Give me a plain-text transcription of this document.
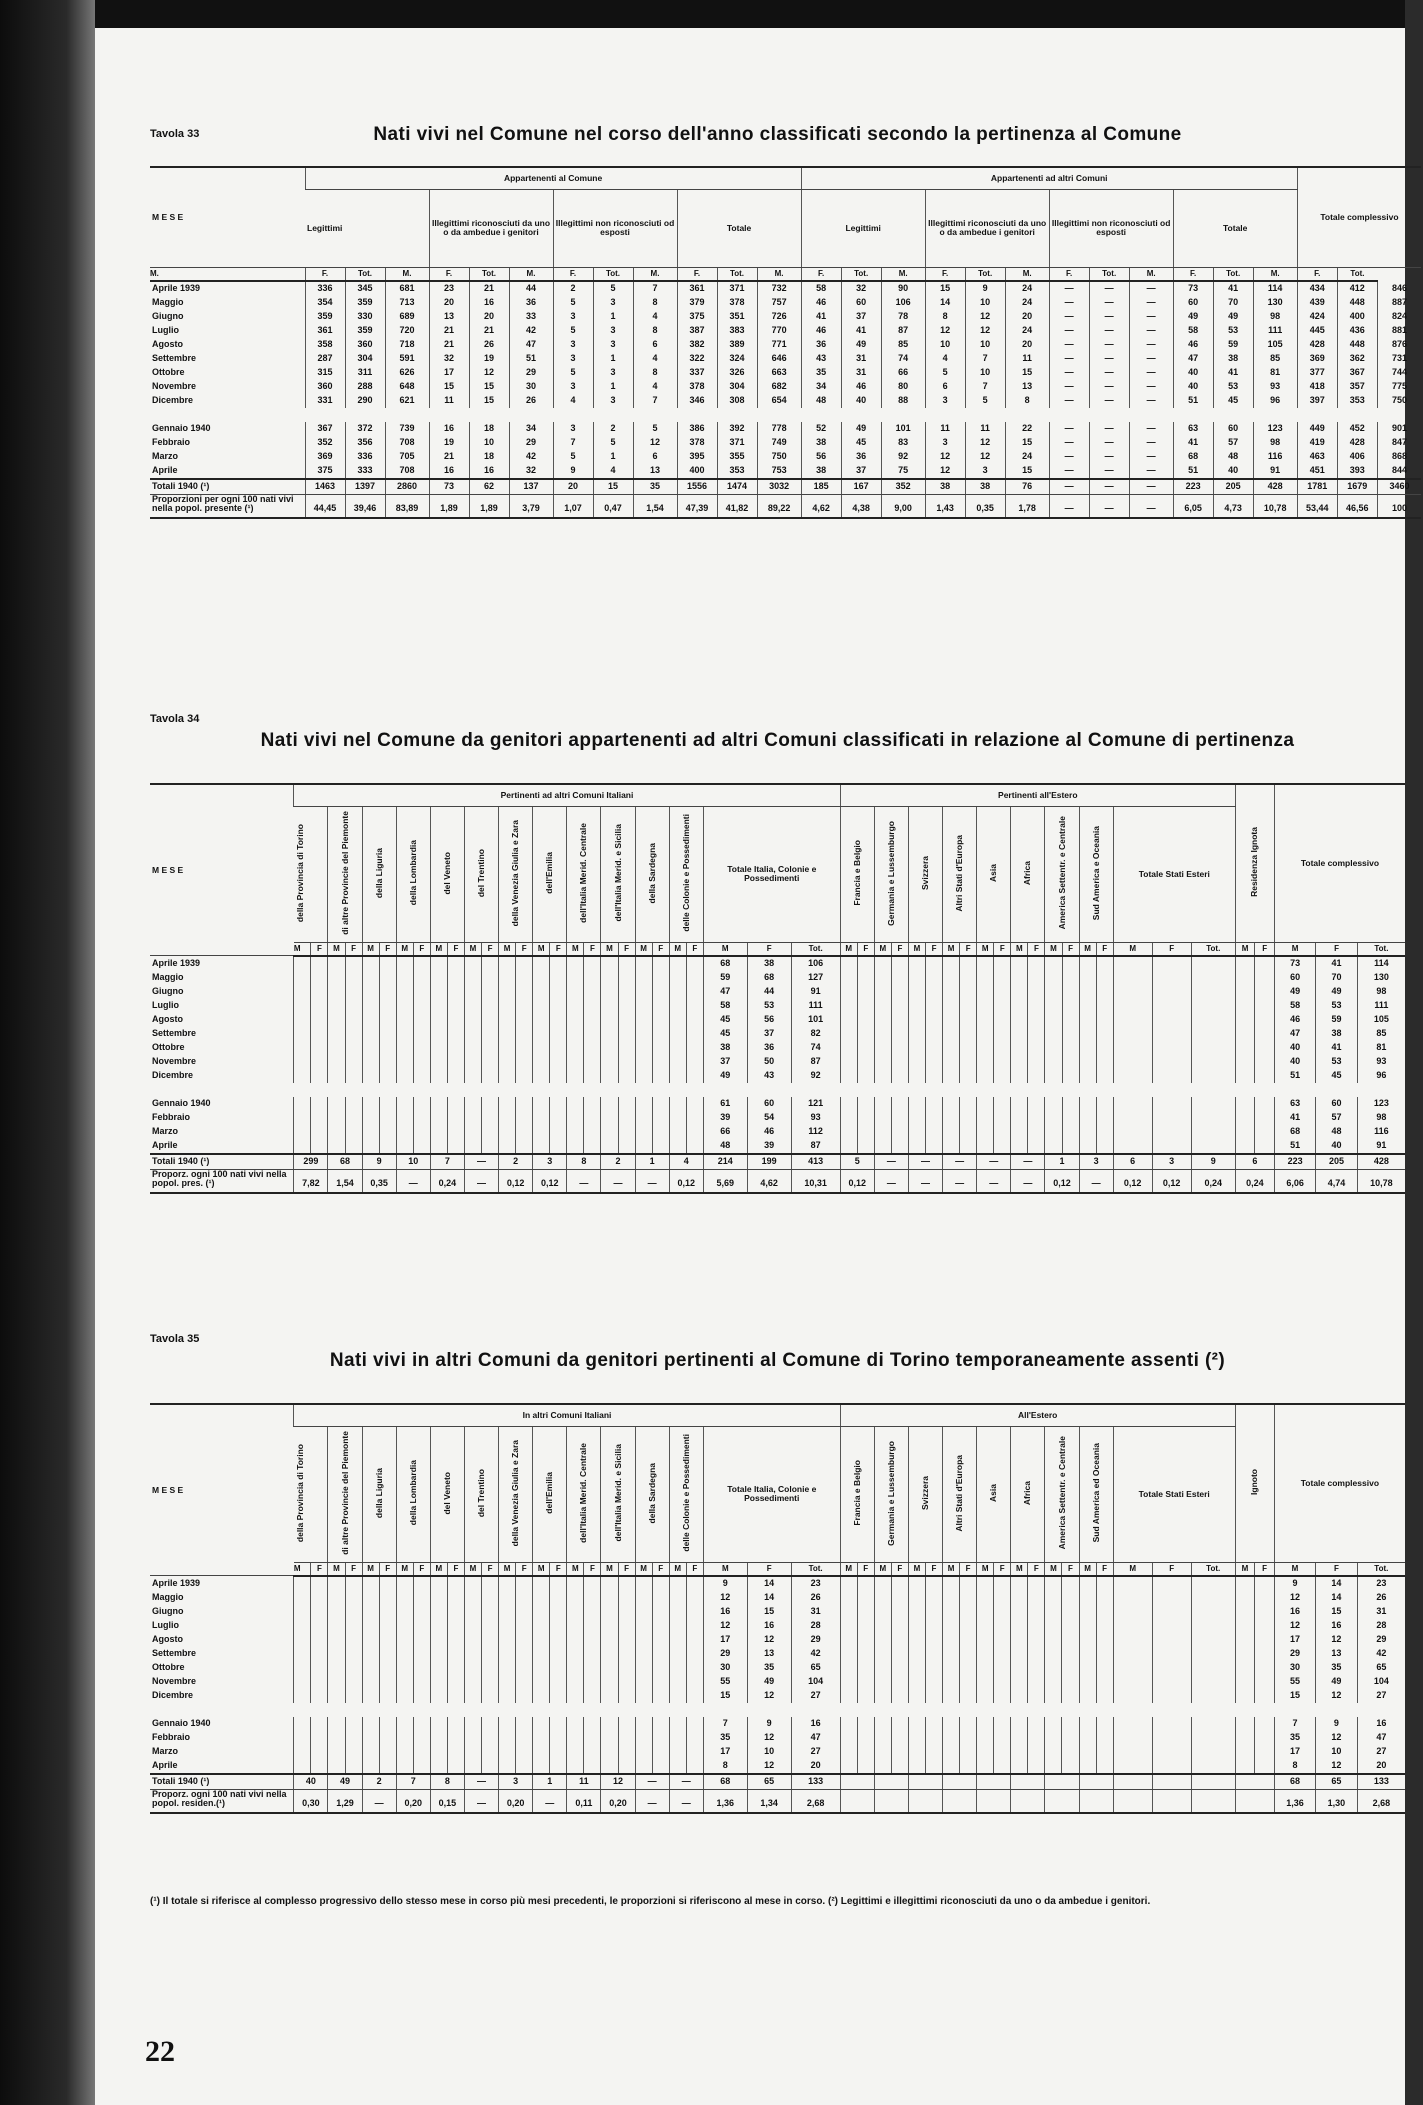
Tavola 33	Nati vivi nel Comune nel corso dell'anno classificati secondo la pertinenza al Comune
M E S E	Appartenenti al Comune												Appartenenti ad altri Comuni												Totale complessivo		
	Legittimi			Illegittimi riconosciuti da uno o da ambedue i genitori			Illegittimi non riconosciuti od esposti			Totale			Legittimi			Illegittimi riconosciuti da uno o da ambedue i genitori			Illegittimi non riconosciuti od esposti			Totale					
M.	F.	Tot.	M.	F.	Tot.	M.	F.	Tot.	M.	F.	Tot.	M.	F.	Tot.	M.	F.	Tot.	M.	F.	Tot.	M.	F.	Tot.	M.	F.	Tot.	
Aprile 1939	336	345	681	23	21	44	2	5	7	361	371	732	58	32	90	15	9	24	—	—	—	73	41	114	434	412	846
Maggio	354	359	713	20	16	36	5	3	8	379	378	757	46	60	106	14	10	24	—	—	—	60	70	130	439	448	887
Giugno	359	330	689	13	20	33	3	1	4	375	351	726	41	37	78	8	12	20	—	—	—	49	49	98	424	400	824
Luglio	361	359	720	21	21	42	5	3	8	387	383	770	46	41	87	12	12	24	—	—	—	58	53	111	445	436	881
Agosto	358	360	718	21	26	47	3	3	6	382	389	771	36	49	85	10	10	20	—	—	—	46	59	105	428	448	876
Settembre	287	304	591	32	19	51	3	1	4	322	324	646	43	31	74	4	7	11	—	—	—	47	38	85	369	362	731
Ottobre	315	311	626	17	12	29	5	3	8	337	326	663	35	31	66	5	10	15	—	—	—	40	41	81	377	367	744
Novembre	360	288	648	15	15	30	3	1	4	378	304	682	34	46	80	6	7	13	—	—	—	40	53	93	418	357	775
Dicembre	331	290	621	11	15	26	4	3	7	346	308	654	48	40	88	3	5	8	—	—	—	51	45	96	397	353	750

Gennaio 1940	367	372	739	16	18	34	3	2	5	386	392	778	52	49	101	11	11	22	—	—	—	63	60	123	449	452	901
Febbraio	352	356	708	19	10	29	7	5	12	378	371	749	38	45	83	3	12	15	—	—	—	41	57	98	419	428	847
Marzo	369	336	705	21	18	42	5	1	6	395	355	750	56	36	92	12	12	24	—	—	—	68	48	116	463	406	868
Aprile	375	333	708	16	16	32	9	4	13	400	353	753	38	37	75	12	3	15	—	—	—	51	40	91	451	393	844
Totali 1940 (¹)	1463	1397	2860	73	62	137	20	15	35	1556	1474	3032	185	167	352	38	38	76	—	—	—	223	205	428	1781	1679	3460
Proporzioni per ogni 100 nati vivi nella popol. presente (¹)	44,45	39,46	83,89	1,89	1,89	3,79	1,07	0,47	1,54	47,39	41,82	89,22	4,62	4,38	9,00	1,43	0,35	1,78	—	—	—	6,05	4,73	10,78	53,44	46,56	100
Tavola 34
Nati vivi nel Comune da genitori appartenenti ad altri Comuni classificati in relazione al Comune di pertinenza
M E S E	Pertinenti ad altri Comuni Italiani																											Pertinenti all'Estero																			Residenza Ignota		Totale complessivo		
	della Provincia di Torino		di altre Provincie del Piemonte		della Liguria		della Lombardia		del Veneto		del Trentino		della Venezia Giulia e Zara		dell'Emilia		dell'Italia Merid. Centrale		dell'Italia Merid. e Sicilia		della Sardegna		delle Colonie e Possedimenti		Totale Italia, Colonie e Possedimenti			Francia e Belgio		Germania e Lussemburgo		Svizzera		Altri Stati d'Europa		Asia		Africa		America Settentr. e Centrale		Sud America e Oceania		Totale Stati Esteri							
	M	F	M	F	M	F	M	F	M	F	M	F	M	F	M	F	M	F	M	F	M	F	M	F	M	F	Tot.	M	F	M	F	M	F	M	F	M	F	M	F	M	F	M	F	M	F	Tot.	M	F	M	F	Tot.
Aprile 1939																									68	38	106																						73	41	114
Maggio																									59	68	127																						60	70	130
Giugno																									47	44	91																						49	49	98
Luglio																									58	53	111																						58	53	111
Agosto																									45	56	101																						46	59	105
Settembre																									45	37	82																						47	38	85
Ottobre																									38	36	74																						40	41	81
Novembre																									37	50	87																						40	53	93
Dicembre																									49	43	92																						51	45	96

Gennaio 1940																									61	60	121																						63	60	123
Febbraio																									39	54	93																						41	57	98
Marzo																									66	46	112																						68	48	116
Aprile																									48	39	87																						51	40	91
Totali 1940 (¹)	299		68		9		10		7		—		2		3		8		2		1		4		214	199	413	5		—		—		—		—		—		1		3		6	3	9	6		223	205	428
Proporz. ogni 100 nati vivi nella popol. pres. (¹)	7,82		1,54		0,35		—		0,24		—		0,12		0,12		—		—		—		0,12		5,69	4,62	10,31	0,12		—		—		—		—		—		0,12		—		0,12	0,12	0,24	0,24		6,06	4,74	10,78
Tavola 35
Nati vivi in altri Comuni da genitori pertinenti al Comune di Torino temporaneamente assenti (²)
M E S E	In altri Comuni Italiani																											All'Estero																			Ignoto		Totale complessivo		
	della Provincia di Torino		di altre Provincie del Piemonte		della Liguria		della Lombardia		del Veneto		del Trentino		della Venezia Giulia e Zara		dell'Emilia		dell'Italia Merid. Centrale		dell'Italia Merid. e Sicilia		della Sardegna		delle Colonie e Possedimenti		Totale Italia, Colonie e Possedimenti			Francia e Belgio		Germania e Lussemburgo		Svizzera		Altri Stati d'Europa		Asia		Africa		America Settentr. e Centrale		Sud America ed Oceania		Totale Stati Esteri							
	M	F	M	F	M	F	M	F	M	F	M	F	M	F	M	F	M	F	M	F	M	F	M	F	M	F	Tot.	M	F	M	F	M	F	M	F	M	F	M	F	M	F	M	F	M	F	Tot.	M	F	M	F	Tot.
Aprile 1939																									9	14	23																						9	14	23
Maggio																									12	14	26																						12	14	26
Giugno																									16	15	31																						16	15	31
Luglio																									12	16	28																						12	16	28
Agosto																									17	12	29																						17	12	29
Settembre																									29	13	42																						29	13	42
Ottobre																									30	35	65																						30	35	65
Novembre																									55	49	104																						55	49	104
Dicembre																									15	12	27																						15	12	27

Gennaio 1940																									7	9	16																						7	9	16
Febbraio																									35	12	47																						35	12	47
Marzo																									17	10	27																						17	10	27
Aprile																									8	12	20																						8	12	20
Totali 1940 (¹)	40		49		2		7		8		—		3		1		11		12		—		—		68	65	133																						68	65	133
Proporz. ogni 100 nati vivi nella popol. residen.(¹)	0,30		1,29		—		0,20		0,15		—		0,20		—		0,11		0,20		—		—		1,36	1,34	2,68																						1,36	1,30	2,68
(¹) Il totale si riferisce al complesso progressivo dello stesso mese in corso più mesi precedenti, le proporzioni si riferiscono al mese in corso. (²) Legittimi e illegittimi riconosciuti da uno o da ambedue i genitori.
22
